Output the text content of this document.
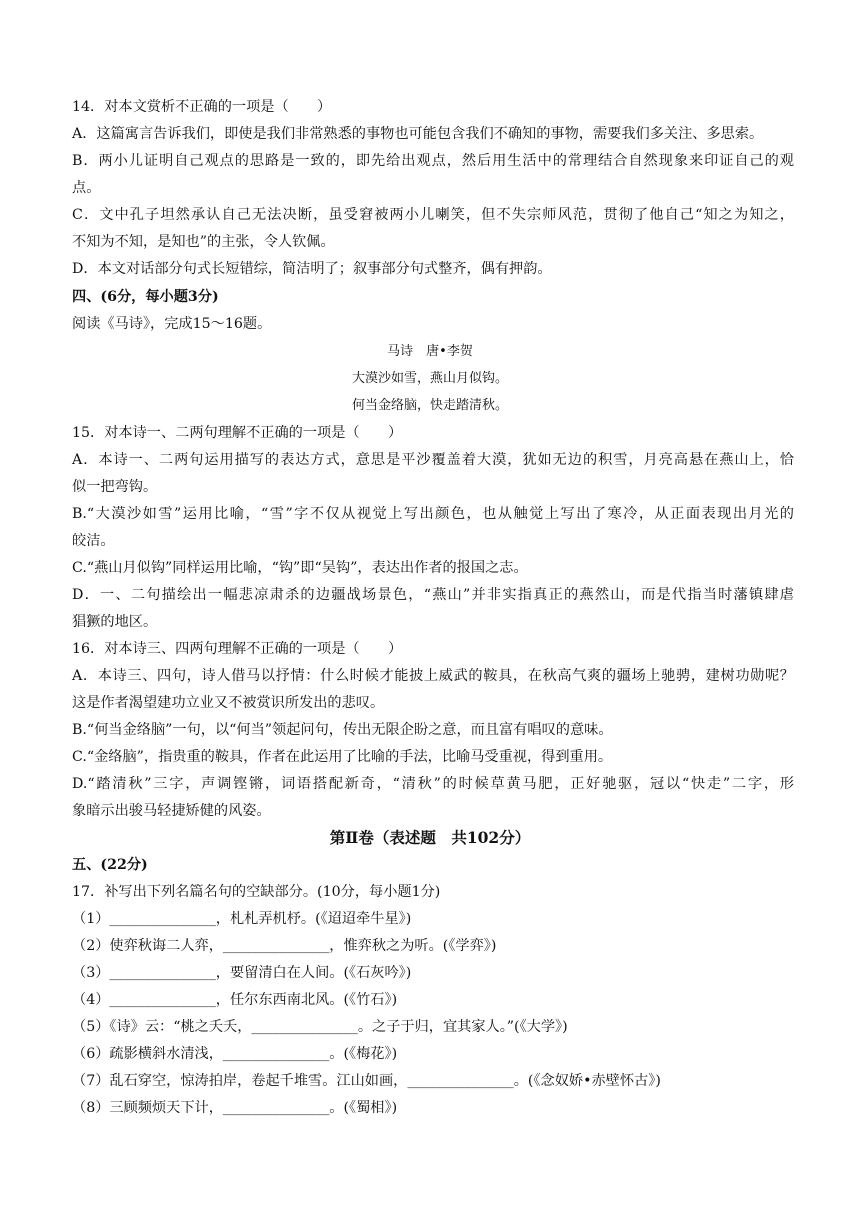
14．对本文赏析不正确的一项是（　　）
A．这篇寓言告诉我们，即使是我们非常熟悉的事物也可能包含我们不确知的事物，需要我们多关注、多思索。
B．两小儿证明自己观点的思路是一致的，即先给出观点，然后用生活中的常理结合自然现象来印证自己的观
点。
C．文中孔子坦然承认自己无法决断，虽受窘被两小儿喇笑，但不失宗师风范，贯彻了他自己“知之为知之，
不知为不知，是知也”的主张，令人钦佩。
D．本文对话部分句式长短错综，简洁明了；叙事部分句式整齐，偶有押韵。
四、(6分，每小题3分)
阅读《马诗》，完成15～16题。
马诗　唐•李贺
大漠沙如雪，燕山月似钩。
何当金络脑，快走踏清秋。
15．对本诗一、二两句理解不正确的一项是（　　）
A．本诗一、二两句运用描写的表达方式，意思是平沙覆盖着大漠，犹如无边的积雪，月亮高悬在燕山上，恰
似一把弯钩。
B.“大漠沙如雪”运用比喻，“雪”字不仅从视觉上写出颜色，也从触觉上写出了寒冷，从正面表现出月光的
皎洁。
C.“燕山月似钩”同样运用比喻，“钩”即“吴钩”，表达出作者的报国之志。
D．一、二句描绘出一幅悲凉肃杀的边疆战场景色，“燕山”并非实指真正的燕然山，而是代指当时藩镇肆虐
猖獗的地区。
16．对本诗三、四两句理解不正确的一项是（　　）
A．本诗三、四句，诗人借马以抒情：什么时候才能披上威武的鞍具，在秋高气爽的疆场上驰骋，建树功勋呢？
这是作者渴望建功立业又不被赏识所发出的悲叹。
B.“何当金络脑”一句，以“何当”领起问句，传出无限企盼之意，而且富有唱叹的意味。
C.“金络脑”，指贵重的鞍具，作者在此运用了比喻的手法，比喻马受重视，得到重用。
D.“踏清秋”三字，声调铿锵，词语搭配新奇，“清秋”的时候草黄马肥，正好驰驱，冠以“快走”二字，形
象暗示出骏马轻捷矫健的风姿。
第Ⅱ卷（表述题　共102分）
五、(22分)
17．补写出下列名篇名句的空缺部分。(10分，每小题1分)
（1）_______________，札札弄机杼。(《迢迢牵牛星》)
（2）使弈秋诲二人弈，_______________，惟弈秋之为听。(《学弈》)
（3）_______________，要留清白在人间。(《石灰吟》)
（4）_______________，任尔东西南北风。(《竹石》)
（5）《诗》云：“桃之夭夭，_______________。之子于归，宜其家人。”(《大学》)
（6）疏影横斜水清浅，_______________。(《梅花》)
（7）乱石穿空，惊涛拍岸，卷起千堆雪。江山如画，_______________。(《念奴娇•赤壁怀古》)
（8）三顾频烦天下计，_______________。(《蜀相》)
